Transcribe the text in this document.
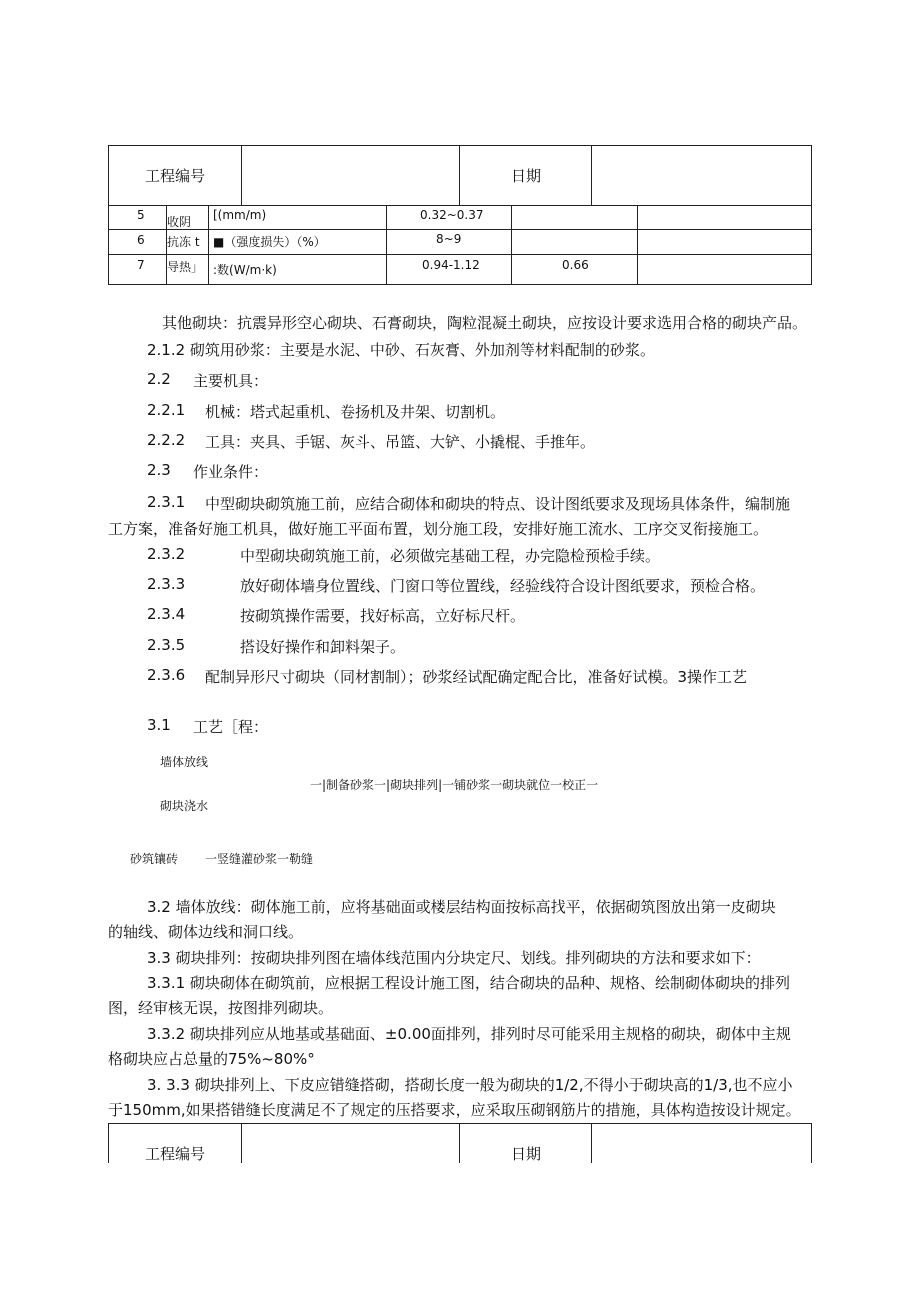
工程编号	日期
5 收阴 [(mm/m)	0.32~0.37
6 抗冻 t ■（强度损失）（%）	8~9
7 导热」 :数(W/m·k)	0.94-1.12	0.66
其他砌块：抗震异形空心砌块、石膏砌块，陶粒混凝土砌块，应按设计要求选用合格的砌块产品。
2.1.2 砌筑用砂浆：主要是水泥、中砂、石灰膏、外加剂等材料配制的砂浆。
2.2 主要机具：
2.2.1 机械：塔式起重机、卷扬机及井架、切割机。
2.2.2 工具：夹具、手锯、灰斗、吊篮、大铲、小撬棍、手推年。
2.3 作业条件：
2.3.1 中型砌块砌筑施工前，应结合砌体和砌块的特点、设计图纸要求及现场具体条件，编制施
工方案，准备好施工机具，做好施工平面布置，划分施工段，安排好施工流水、工序交叉衔接施工。
2.3.2	中型砌块砌筑施工前，必须做完基础工程，办完隐检预检手续。
2.3.3	放好砌体墙身位置线、门窗口等位置线，经验线符合设计图纸要求，预检合格。
2.3.4	按砌筑操作需要，找好标高，立好标尺杆。
2.3.5	搭设好操作和卸料架子。
2.3.6 配制异形尺寸砌块（同材割制）；砂浆经试配确定配合比，准备好试模。3操作工艺
3.1 工艺［程：
墙体放线
一|制备砂浆一|砌块排列|一铺砂浆一砌块就位一校正一
砌块浇水
砂筑镶砖 一竖缝灌砂浆一勒缝
3.2 墙体放线：砌体施工前，应将基础面或楼层结构面按标高找平，依据砌筑图放出第一皮砌块
的轴线、砌体边线和洞口线。
3.3 砌块排列：按砌块排列图在墙体线范围内分块定尺、划线。排列砌块的方法和要求如下：
3.3.1 砌块砌体在砌筑前，应根据工程设计施工图，结合砌块的品种、规格、绘制砌体砌块的排列
图，经审核无误，按图排列砌块。
3.3.2 砌块排列应从地基或基础面、±0.00面排列，排列时尽可能采用主规格的砌块，砌体中主规
格砌块应占总量的75%~80%°
3. 3.3 砌块排列上、下皮应错缝搭砌，搭砌长度一般为砌块的1/2,不得小于砌块高的1/3,也不应小
于150mm,如果搭错缝长度满足不了规定的压搭要求，应采取压砌钢筋片的措施，具体构造按设计规定。
工程编号	日期
